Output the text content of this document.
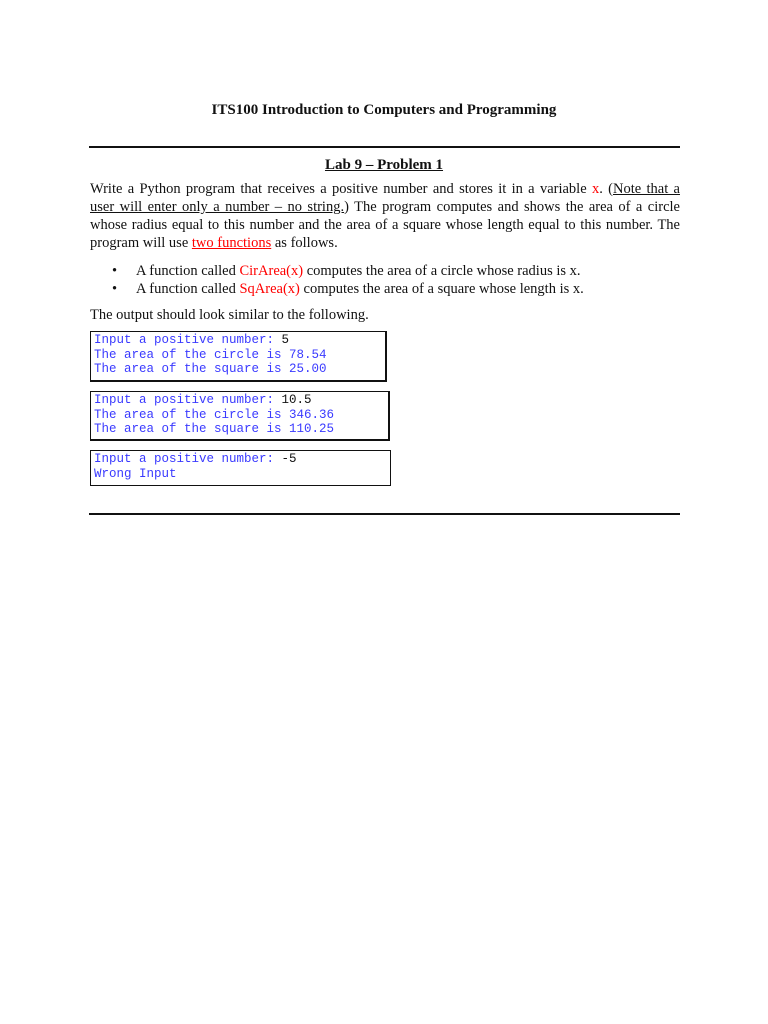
ITS100 Introduction to Computers and Programming
Lab 9 – Problem 1
Write a Python program that receives a positive number and stores it in a variable x. (Note that a
user will enter only a number – no string.) The program computes and shows the area of a circle
whose radius equal to this number and the area of a square whose length equal to this number. The
program will use two functions as follows.
• A function called CirArea(x) computes the area of a circle whose radius is x.
• A function called SqArea(x) computes the area of a square whose length is x.
The output should look similar to the following.
Input a positive number: 5
The area of the circle is 78.54
The area of the square is 25.00
Input a positive number: 10.5
The area of the circle is 346.36
The area of the square is 110.25
Input a positive number: -5
Wrong Input
